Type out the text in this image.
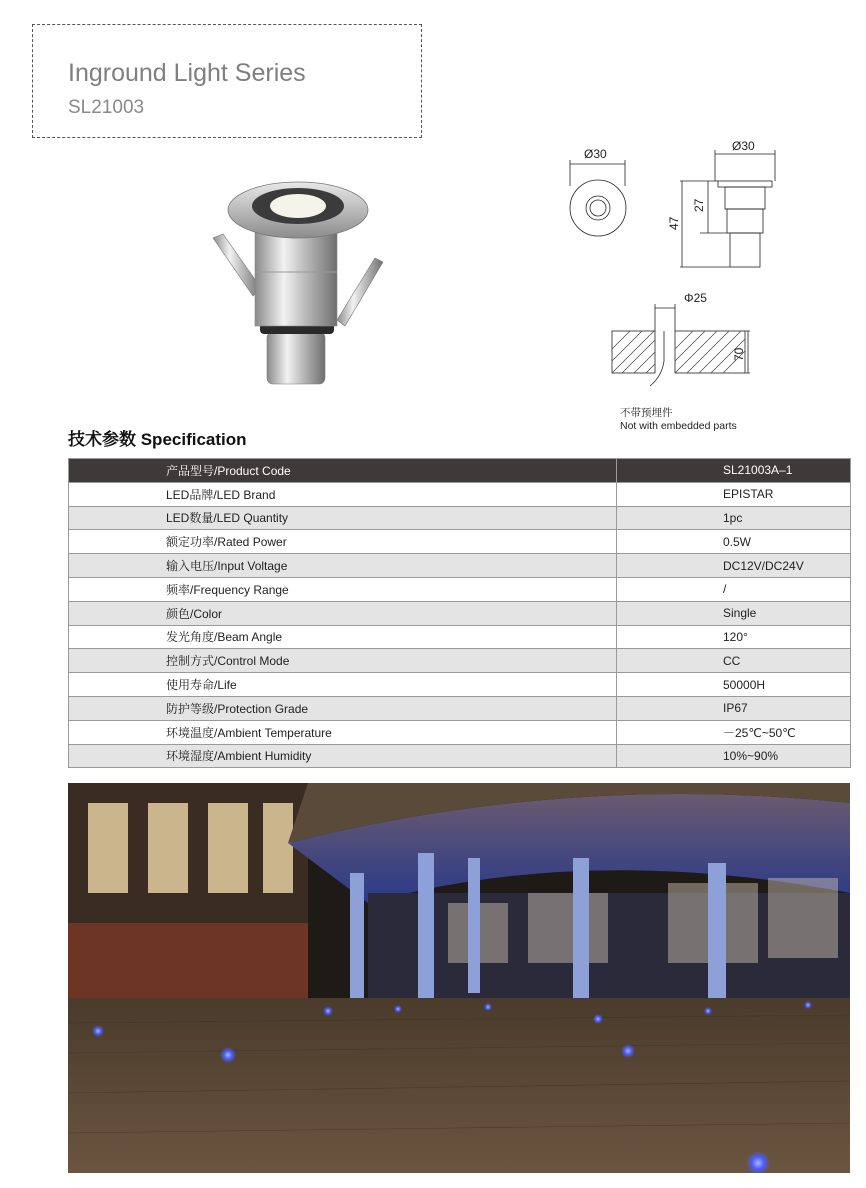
Inground Light Series
SL21003
Ø30
Ø30
47
27
Φ25
70
不带预埋件
Not with embedded parts
技术参数 Specification
产品型号/Product Code	SL21003A–1
LED品牌/LED Brand	EPISTAR
LED数量/LED Quantity	1pc
额定功率/Rated Power	0.5W
输入电压/Input Voltage	DC12V/DC24V
频率/Frequency Range	/
颜色/Color	Single
发光角度/Beam Angle	120°
控制方式/Control Mode	CC
使用寿命/Life	50000H
防护等级/Protection Grade	IP67
环境温度/Ambient Temperature	－25℃~50℃
环境湿度/Ambient Humidity	10%~90%
